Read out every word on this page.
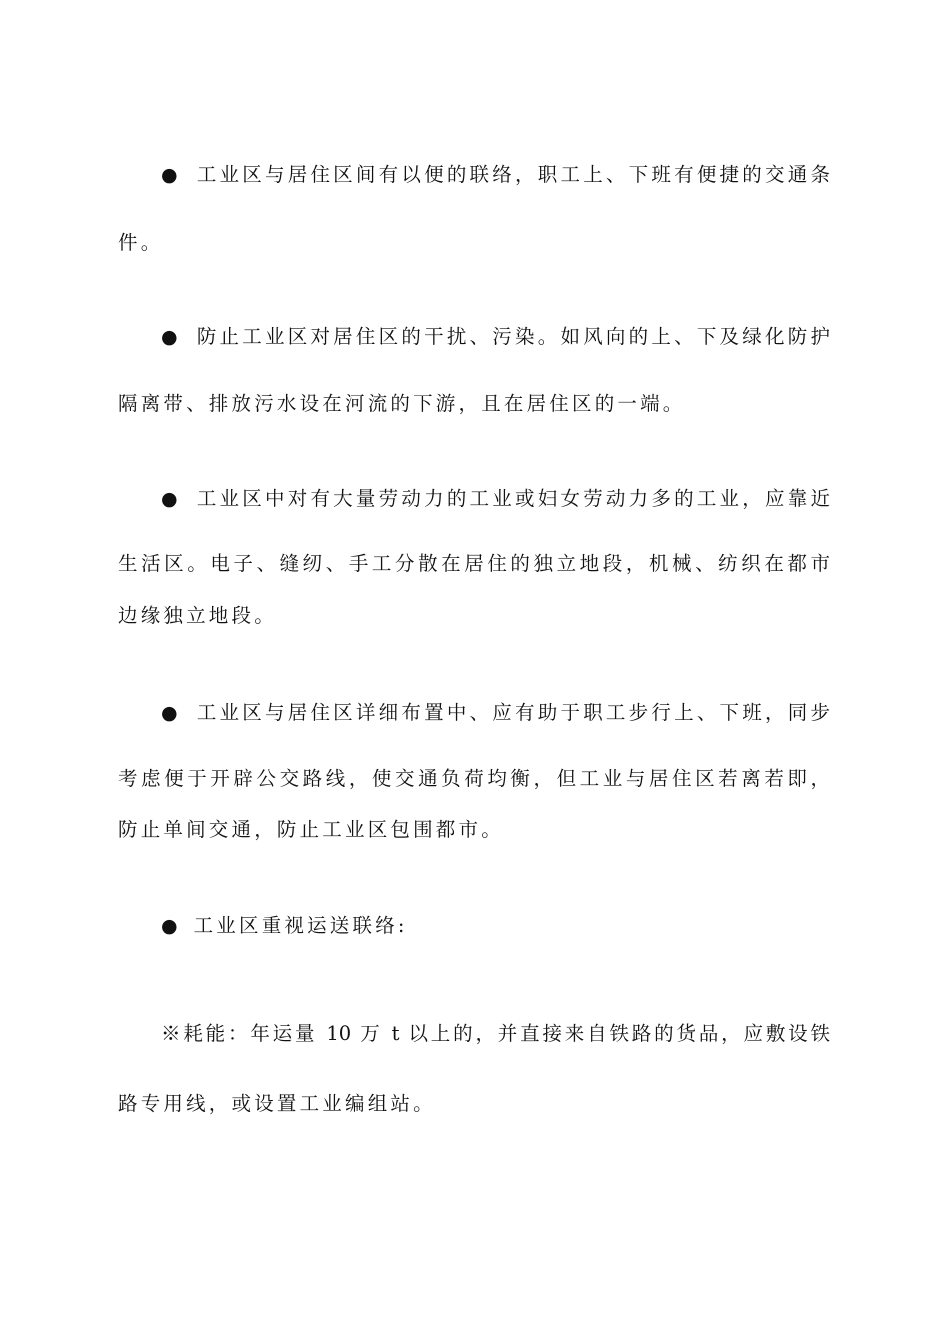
● 工业区与居住区间有以便的联络，职工上、下班有便捷的交通条
件。
● 防止工业区对居住区的干扰、污染。如风向的上、下及绿化防护
隔离带、排放污水设在河流的下游，且在居住区的一端。
● 工业区中对有大量劳动力的工业或妇女劳动力多的工业，应靠近
生活区。电子、缝纫、手工分散在居住的独立地段，机械、纺织在都市
边缘独立地段。
● 工业区与居住区详细布置中、应有助于职工步行上、下班，同步
考虑便于开辟公交路线，使交通负荷均衡，但工业与居住区若离若即，
防止单间交通，防止工业区包围都市。
● 工业区重视运送联络:
※耗能：年运量 10 万 t 以上的，并直接来自铁路的货品，应敷设铁
路专用线，或设置工业编组站。
